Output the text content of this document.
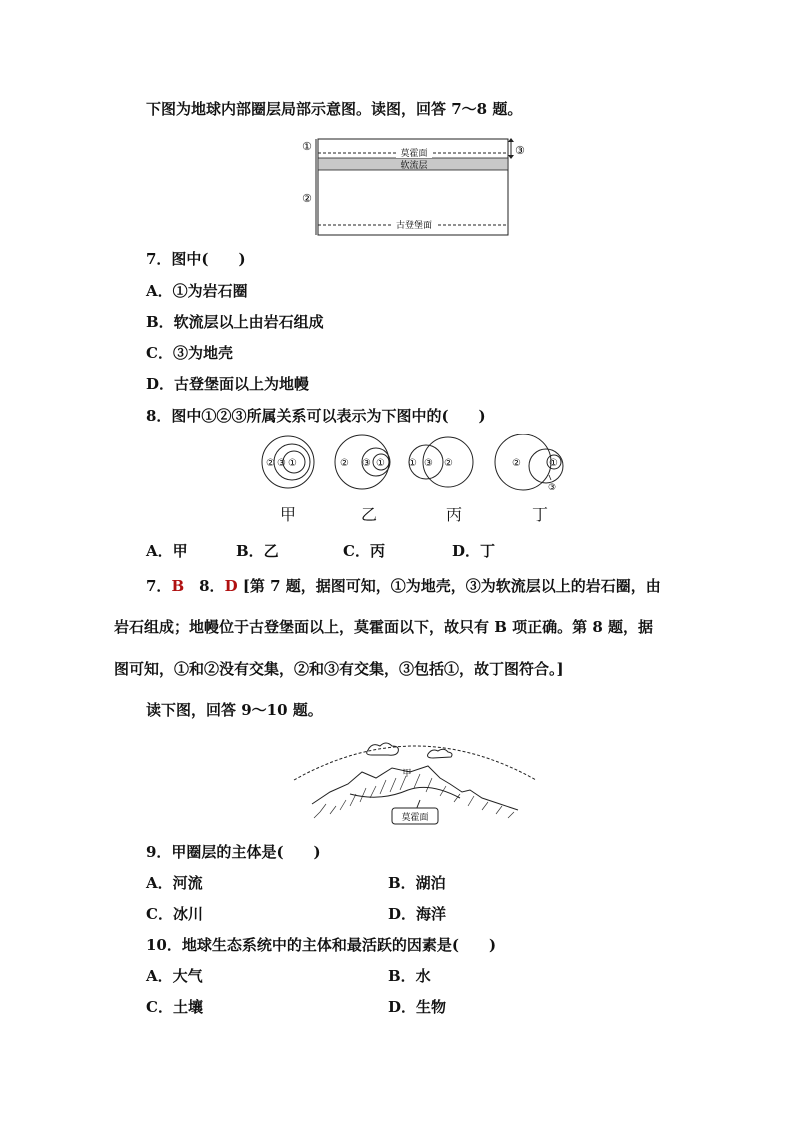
下图为地球内部圈层局部示意图。读图，回答 7～8 题。
①
②
③
莫霍面
软流层
古登堡面
7．图中(　　)
A．①为岩石圈
B．软流层以上由岩石组成
C．③为地壳
D．古登堡面以上为地幔
8．图中①②③所属关系可以表示为下图中的(　　)
② ③ ①	② ③ ① ① ③ ②	②	①
③
甲	乙	丙	丁
A．甲	B．乙	C．丙	D．丁
7．B　8．D [第 7 题，据图可知，①为地壳，③为软流层以上的岩石圈，由
岩石组成；地幔位于古登堡面以上，莫霍面以下，故只有 B 项正确。第 8 题，据
图可知，①和②没有交集，②和③有交集，③包括①，故丁图符合。]
读下图，回答 9～10 题。
甲
莫霍面
9．甲圈层的主体是(　　)
A．河流	B．湖泊
C．冰川	D．海洋
10．地球生态系统中的主体和最活跃的因素是(　　)
A．大气	B．水
C．土壤	D．生物
